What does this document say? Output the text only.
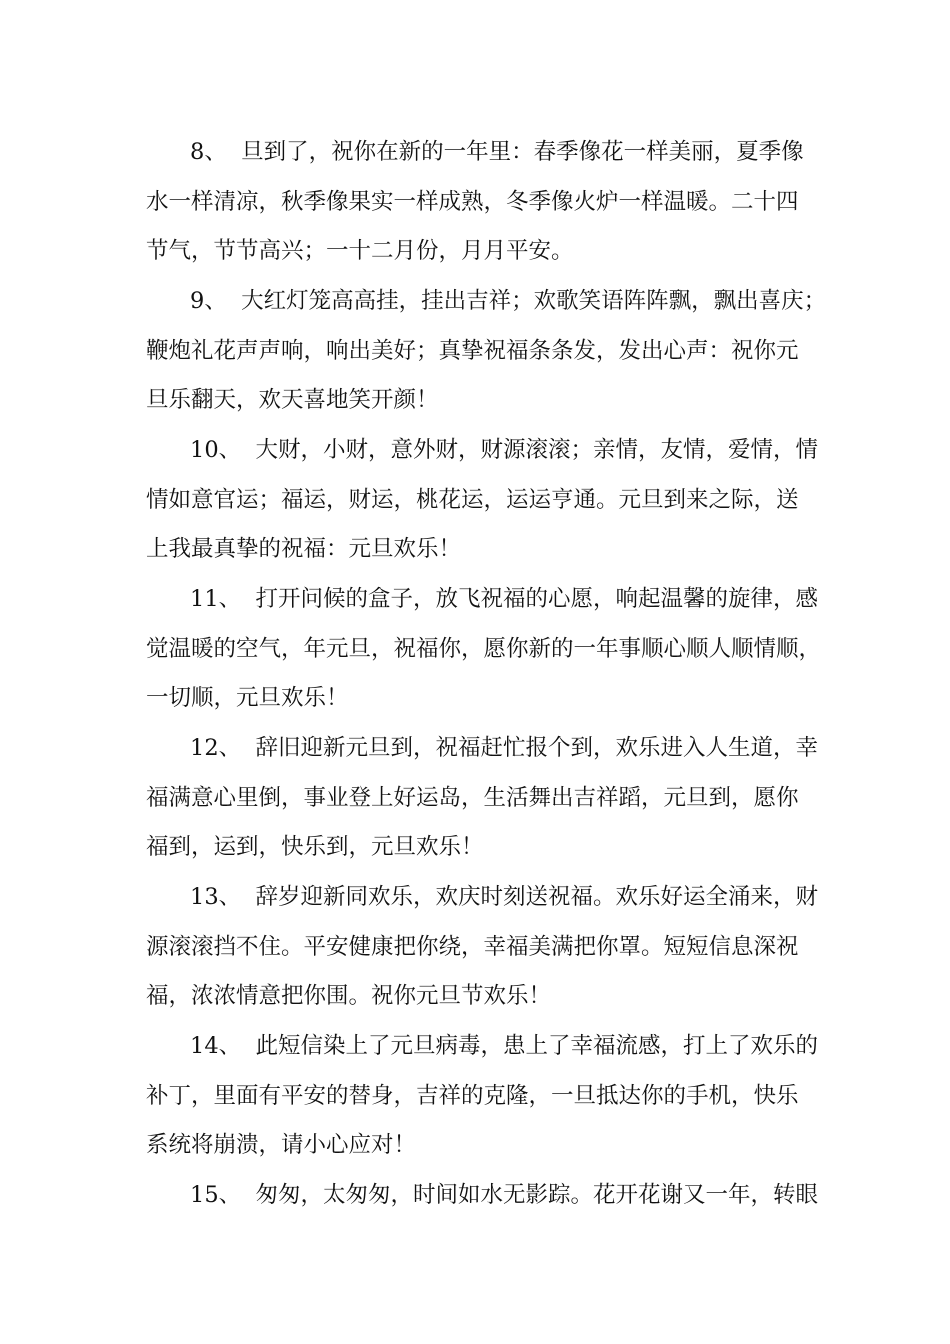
8、 旦到了，祝你在新的一年里：春季像花一样美丽，夏季像
水一样清凉，秋季像果实一样成熟，冬季像火炉一样温暖。二十四
节气，节节高兴；一十二月份，月月平安。
9、 大红灯笼高高挂，挂出吉祥；欢歌笑语阵阵飘，飘出喜庆；
鞭炮礼花声声响，响出美好；真挚祝福条条发，发出心声：祝你元
旦乐翻天，欢天喜地笑开颜！
10、 大财，小财，意外财，财源滚滚；亲情，友情，爱情，情
情如意官运；福运，财运，桃花运，运运亨通。元旦到来之际，送
上我最真挚的祝福：元旦欢乐！
11、 打开问候的盒子，放飞祝福的心愿，响起温馨的旋律，感
觉温暖的空气，年元旦，祝福你，愿你新的一年事顺心顺人顺情顺，
一切顺，元旦欢乐！
12、 辞旧迎新元旦到，祝福赶忙报个到，欢乐进入人生道，幸
福满意心里倒，事业登上好运岛，生活舞出吉祥蹈，元旦到，愿你
福到，运到，快乐到，元旦欢乐！
13、 辞岁迎新同欢乐，欢庆时刻送祝福。欢乐好运全涌来，财
源滚滚挡不住。平安健康把你绕，幸福美满把你罩。短短信息深祝
福，浓浓情意把你围。祝你元旦节欢乐！
14、 此短信染上了元旦病毒，患上了幸福流感，打上了欢乐的
补丁，里面有平安的替身，吉祥的克隆，一旦抵达你的手机，快乐
系统将崩溃，请小心应对！
15、 匆匆，太匆匆，时间如水无影踪。花开花谢又一年，转眼
